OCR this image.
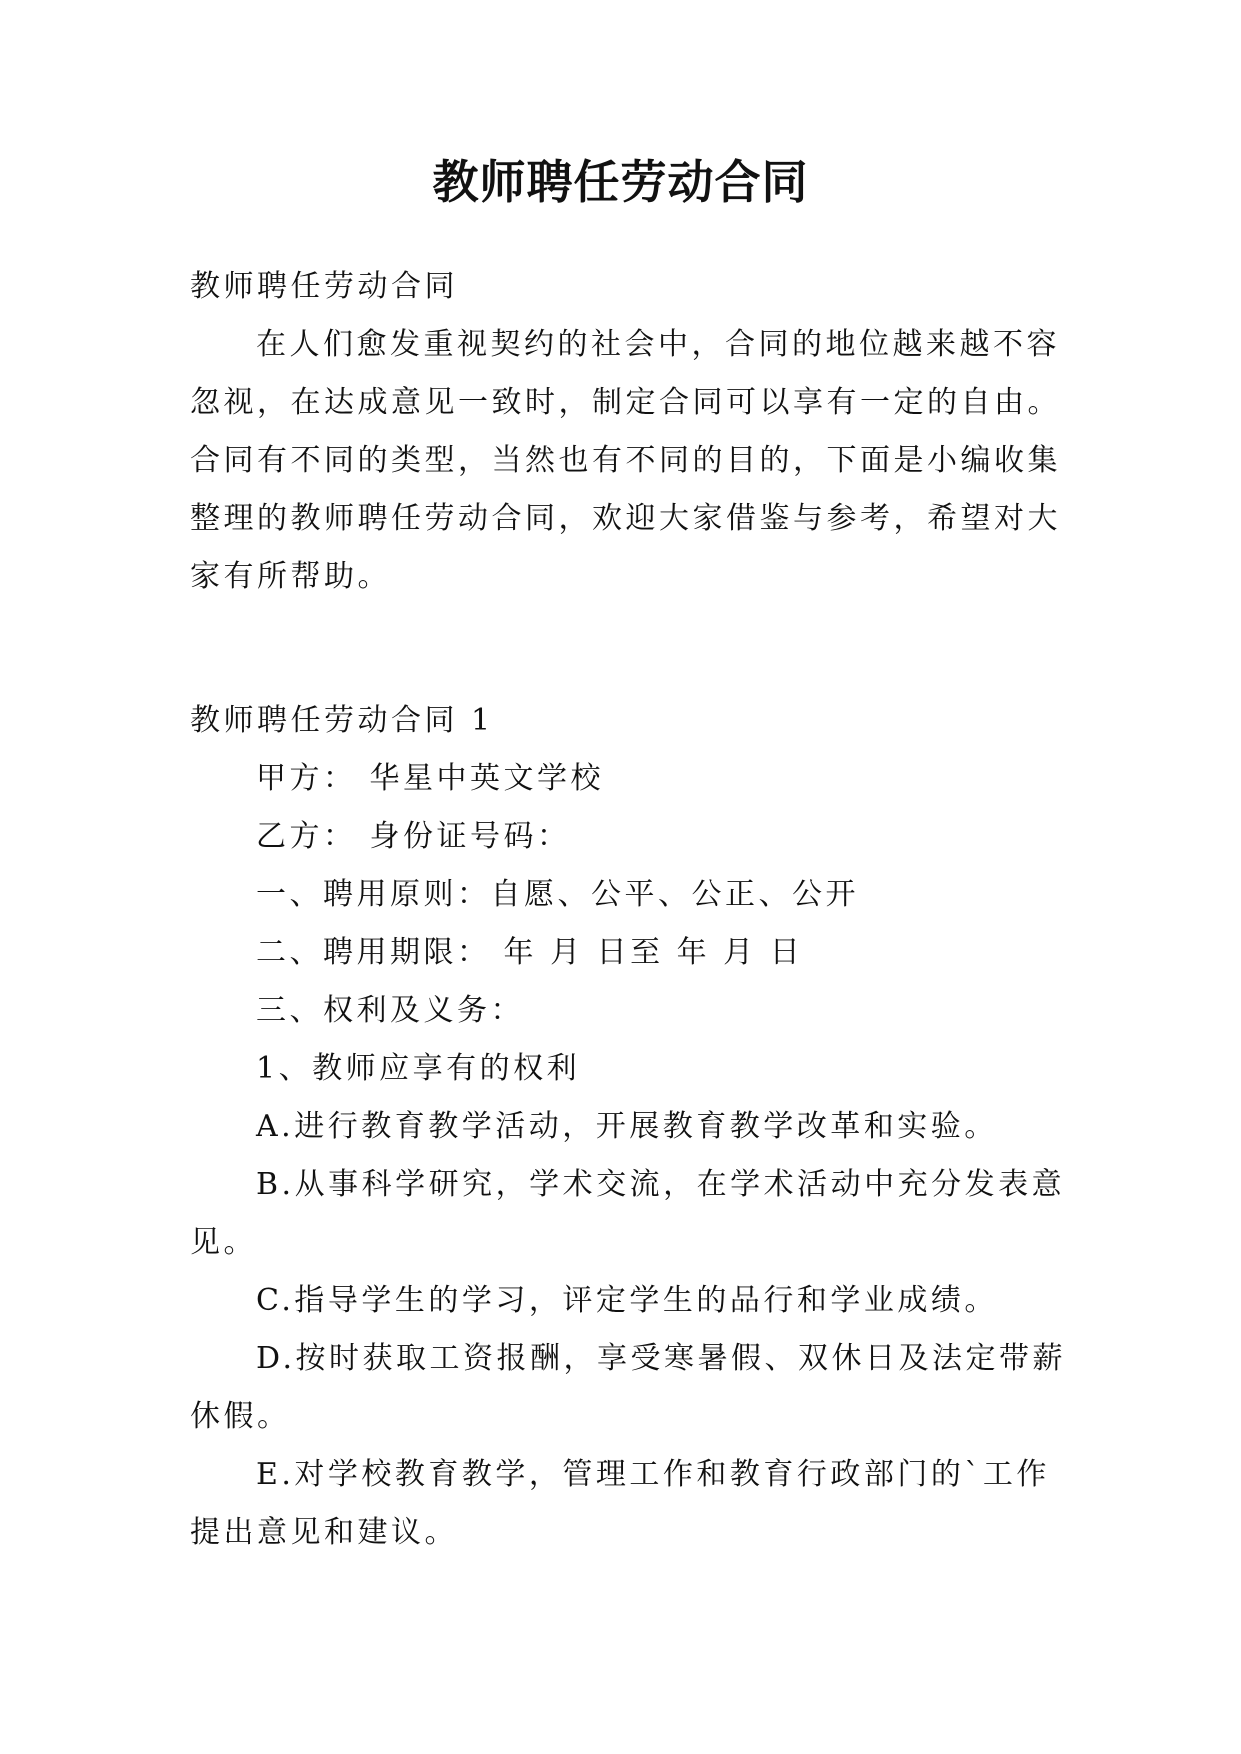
教师聘任劳动合同
教师聘任劳动合同
在人们愈发重视契约的社会中，合同的地位越来越不容
忽视，在达成意见一致时，制定合同可以享有一定的自由。
合同有不同的类型，当然也有不同的目的，下面是小编收集
整理的教师聘任劳动合同，欢迎大家借鉴与参考，希望对大
家有所帮助。
教师聘任劳动合同 1
甲方： 华星中英文学校
乙方： 身份证号码：
一、聘用原则：自愿、公平、公正、公开
二、聘用期限： 年 月 日至 年 月 日
三、权利及义务：
1、教师应享有的权利
A.进行教育教学活动，开展教育教学改革和实验。
B.从事科学研究，学术交流，在学术活动中充分发表意
见。
C.指导学生的学习，评定学生的品行和学业成绩。
D.按时获取工资报酬，享受寒暑假、双休日及法定带薪
休假。
E.对学校教育教学，管理工作和教育行政部门的`工作
提出意见和建议。
